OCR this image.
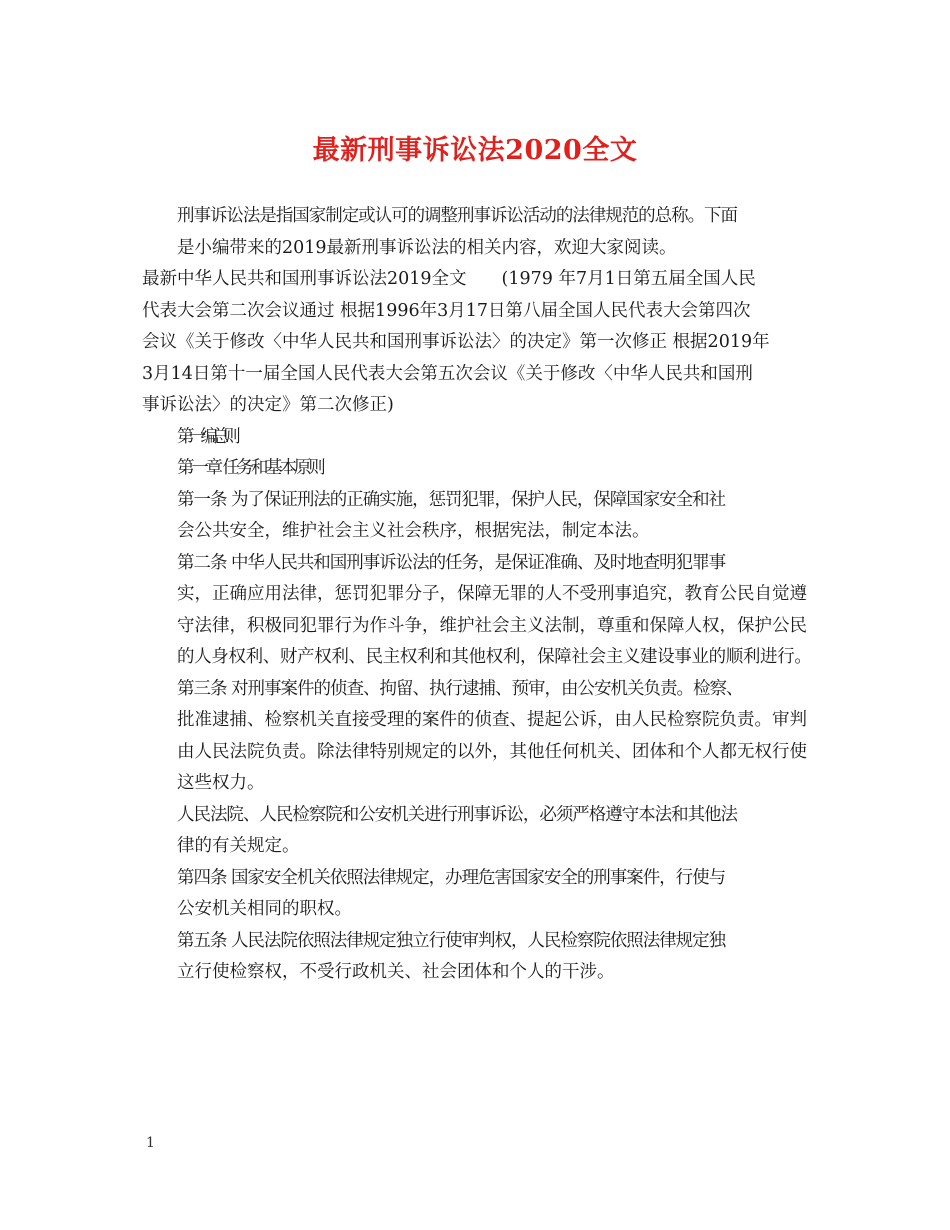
最新刑事诉讼法2020全文

刑事诉讼法是指国家制定或认可的调整刑事诉讼活动的法律规范的总称。下面
是小编带来的2019最新刑事诉讼法的相关内容，欢迎大家阅读。

最新中华人民共和国刑事诉讼法2019全文　　(1979 年7月1日第五届全国人民
代表大会第二次会议通过 根据1996年3月17日第八届全国人民代表大会第四次
会议《关于修改〈中华人民共和国刑事诉讼法〉的决定》第一次修正 根据2019年
3月14日第十一届全国人民代表大会第五次会议《关于修改〈中华人民共和国刑
事诉讼法〉的决定》第二次修正)

第一编 总则

第一章 任务和基本原则

第一条 为了保证刑法的正确实施，惩罚犯罪，保护人民，保障国家安全和社
会公共安全，维护社会主义社会秩序，根据宪法，制定本法。

第二条 中华人民共和国刑事诉讼法的任务，是保证准确、及时地查明犯罪事
实，正确应用法律，惩罚犯罪分子，保障无罪的人不受刑事追究，教育公民自觉遵
守法律，积极同犯罪行为作斗争，维护社会主义法制，尊重和保障人权，保护公民
的人身权利、财产权利、民主权利和其他权利，保障社会主义建设事业的顺利进行。

第三条 对刑事案件的侦查、拘留、执行逮捕、预审，由公安机关负责。检察、
批准逮捕、检察机关直接受理的案件的侦查、提起公诉，由人民检察院负责。审判
由人民法院负责。除法律特别规定的以外，其他任何机关、团体和个人都无权行使
这些权力。

人民法院、人民检察院和公安机关进行刑事诉讼，必须严格遵守本法和其他法
律的有关规定。

第四条 国家安全机关依照法律规定，办理危害国家安全的刑事案件，行使与
公安机关相同的职权。

第五条 人民法院依照法律规定独立行使审判权，人民检察院依照法律规定独
立行使检察权，不受行政机关、社会团体和个人的干涉。

1
